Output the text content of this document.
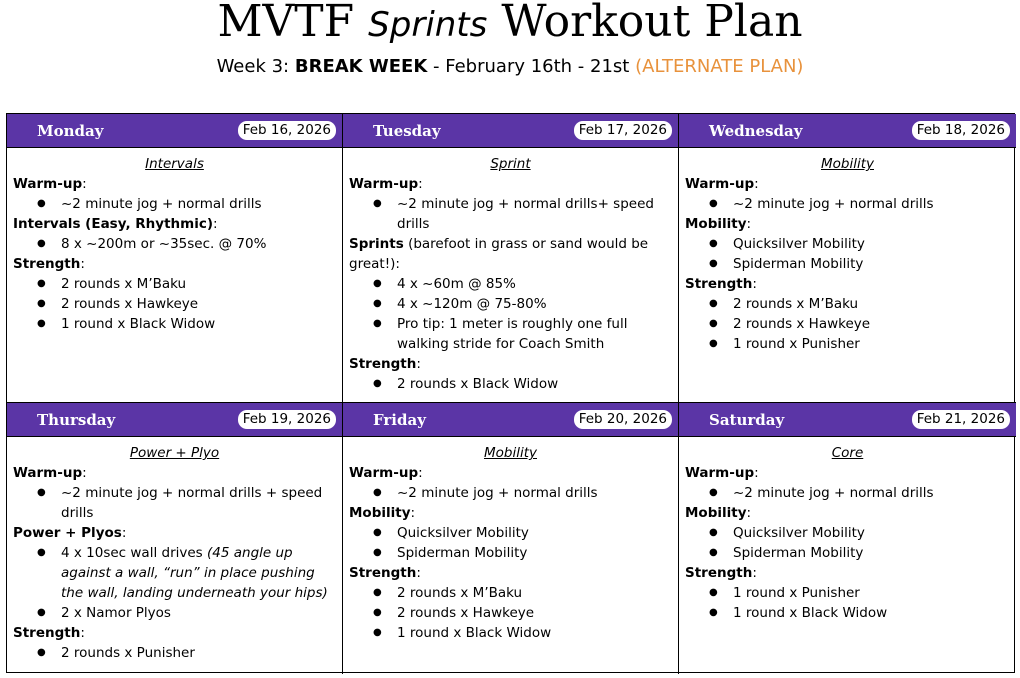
MVTF Sprints Workout Plan
Week 3: BREAK WEEK - February 16th - 21st (ALTERNATE PLAN)
Monday	Feb 16, 2026	Tuesday	Feb 17, 2026	Wednesday	Feb 18, 2026
Intervals
Warm-up:
● ~2 minute jog + normal drills
Intervals (Easy, Rhythmic):
● 8 x ~200m or ~35sec. @ 70%
Strength:
● 2 rounds x M’Baku
● 2 rounds x Hawkeye
● 1 round x Black Widow
Sprint
Warm-up:
● ~2 minute jog + normal drills+ speed drills
Sprints (barefoot in grass or sand would be great!):
● 4 x ~60m @ 85%
● 4 x ~120m @ 75-80%
● Pro tip: 1 meter is roughly one full walking stride for Coach Smith
Strength:
● 2 rounds x Black Widow
Mobility
Warm-up:
● ~2 minute jog + normal drills
Mobility:
● Quicksilver Mobility
● Spiderman Mobility
Strength:
● 2 rounds x M’Baku
● 2 rounds x Hawkeye
● 1 round x Punisher
Thursday	Feb 19, 2026	Friday	Feb 20, 2026	Saturday	Feb 21, 2026
Power + Plyo
Warm-up:
● ~2 minute jog + normal drills + speed drills
Power + Plyos:
● 4 x 10sec wall drives (45 angle up against a wall, “run” in place pushing the wall, landing underneath your hips)
● 2 x Namor Plyos
Strength:
● 2 rounds x Punisher
Mobility
Warm-up:
● ~2 minute jog + normal drills
Mobility:
● Quicksilver Mobility
● Spiderman Mobility
Strength:
● 2 rounds x M’Baku
● 2 rounds x Hawkeye
● 1 round x Black Widow
Core
Warm-up:
● ~2 minute jog + normal drills
Mobility:
● Quicksilver Mobility
● Spiderman Mobility
Strength:
● 1 round x Punisher
● 1 round x Black Widow
